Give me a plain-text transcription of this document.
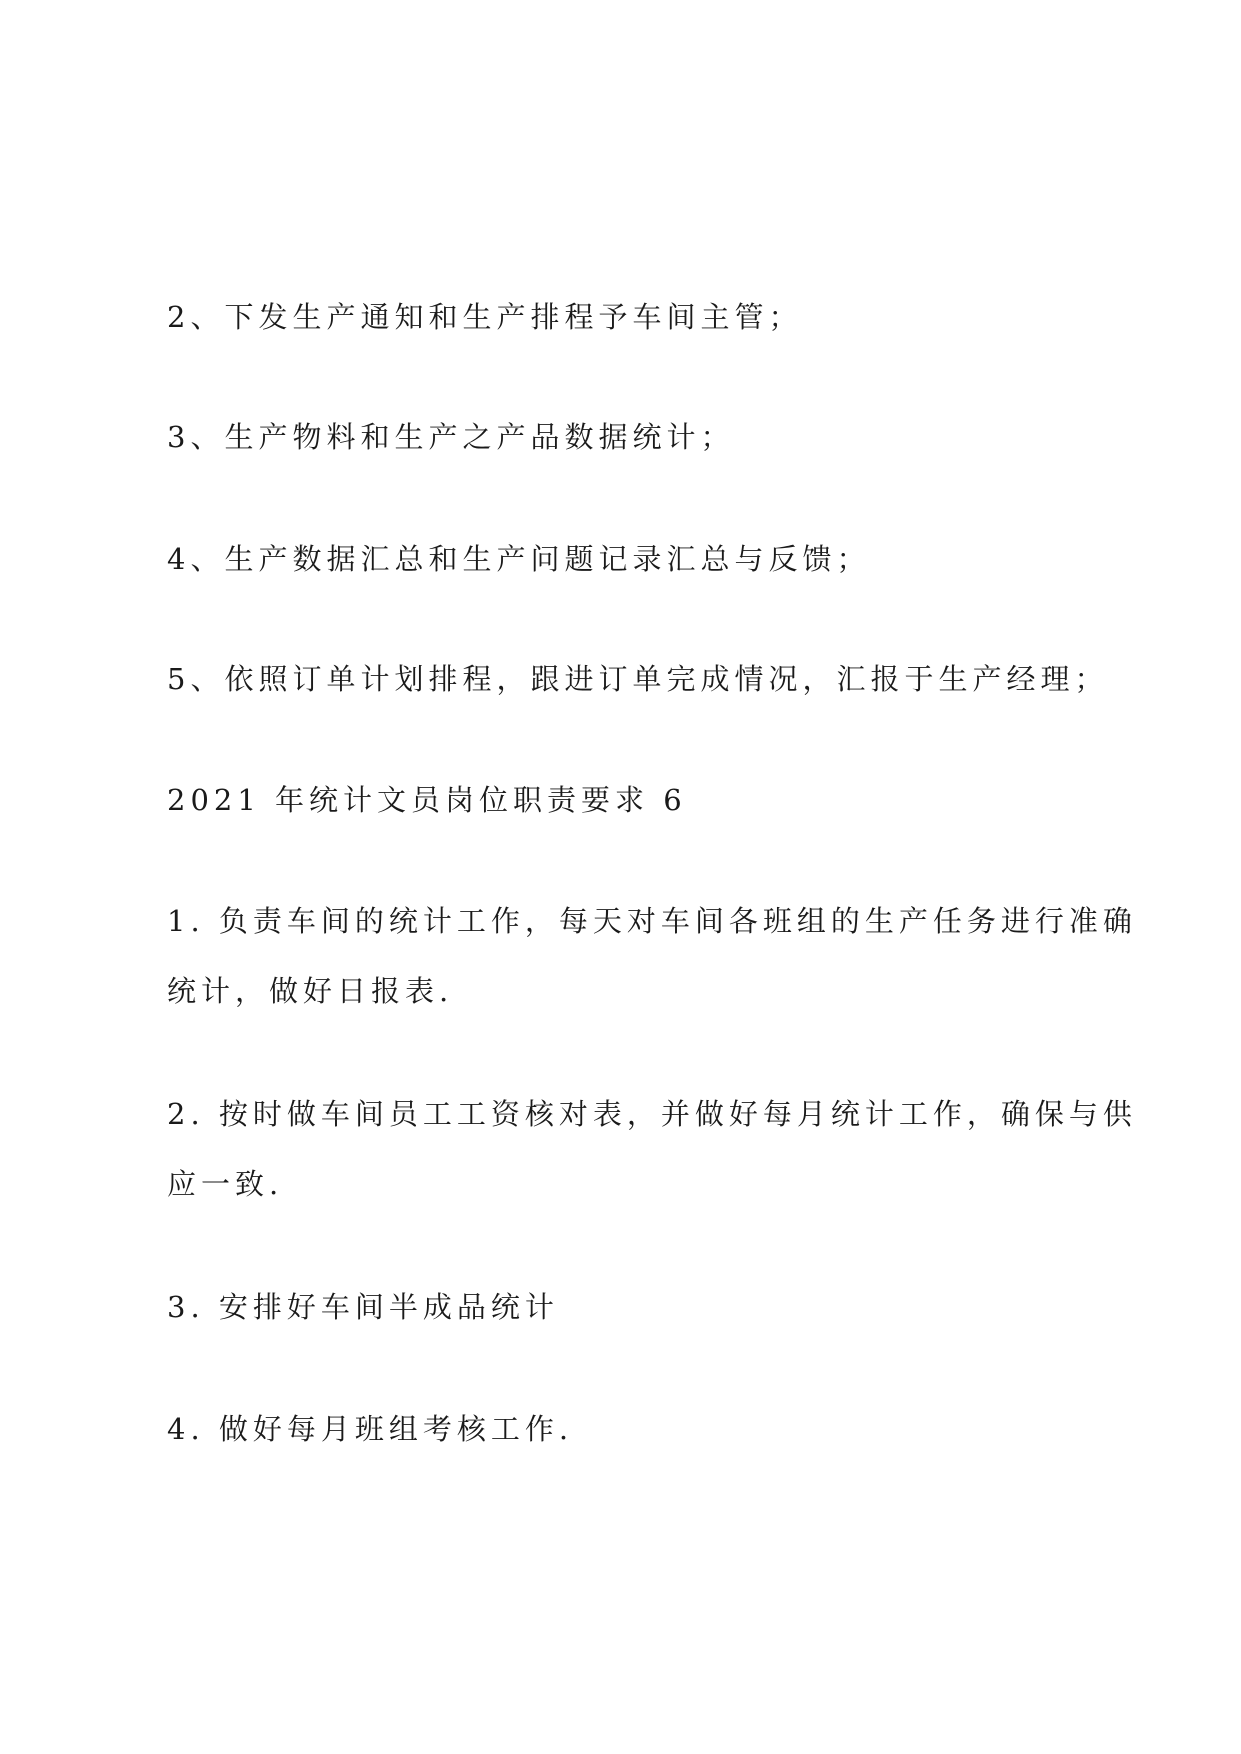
2、下发生产通知和生产排程予车间主管；

3、生产物料和生产之产品数据统计；

4、生产数据汇总和生产问题记录汇总与反馈；

5、依照订单计划排程，跟进订单完成情况，汇报于生产经理；

2021 年统计文员岗位职责要求 6

1. 负责车间的统计工作，每天对车间各班组的生产任务进行准确
统计，做好日报表.

2. 按时做车间员工工资核对表，并做好每月统计工作，确保与供
应一致.

3. 安排好车间半成品统计

4. 做好每月班组考核工作.
